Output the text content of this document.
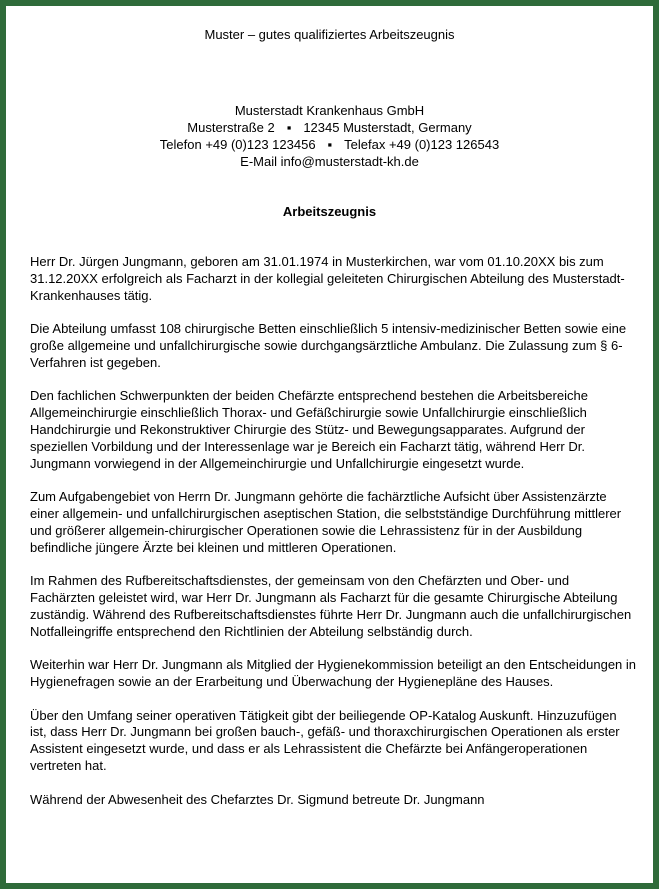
Muster – gutes qualifiziertes Arbeitszeugnis
Musterstadt Krankenhaus GmbH
Musterstraße 2 ▪ 12345 Musterstadt, Germany
Telefon +49 (0)123 123456 ▪ Telefax +49 (0)123 126543
E-Mail info@musterstadt-kh.de
Arbeitszeugnis

Herr Dr. Jürgen Jungmann, geboren am 31.01.1974 in Musterkirchen, war vom 01.10.20XX bis zum 31.12.20XX erfolgreich als Facharzt in der kollegial geleiteten Chirurgischen Abteilung des Musterstadt-Krankenhauses tätig.

Die Abteilung umfasst 108 chirurgische Betten einschließlich 5 intensiv-medizinischer Betten sowie eine große allgemeine und unfallchirurgische sowie durchgangsärztliche Ambulanz. Die Zulassung zum § 6-Verfahren ist gegeben.

Den fachlichen Schwerpunkten der beiden Chefärzte entsprechend bestehen die Arbeitsbereiche Allgemeinchirurgie einschließlich Thorax- und Gefäßchirurgie sowie Unfallchirurgie einschließlich Handchirurgie und Rekonstruktiver Chirurgie des Stütz- und Bewegungsapparates. Aufgrund der speziellen Vorbildung und der Interessenlage war je Bereich ein Facharzt tätig, während Herr Dr. Jungmann vorwiegend in der Allgemeinchirurgie und Unfallchirurgie eingesetzt wurde.

Zum Aufgabengebiet von Herrn Dr. Jungmann gehörte die fachärztliche Aufsicht über Assistenzärzte einer allgemein- und unfallchirurgischen aseptischen Station, die selbstständige Durchführung mittlerer und größerer allgemein-chirurgischer Operationen sowie die Lehrassistenz für in der Ausbildung befindliche jüngere Ärzte bei kleinen und mittleren Operationen.

Im Rahmen des Rufbereitschaftsdienstes, der gemeinsam von den Chefärzten und Ober- und Fachärzten geleistet wird, war Herr Dr. Jungmann als Facharzt für die gesamte Chirurgische Abteilung zuständig. Während des Rufbereitschaftsdienstes führte Herr Dr. Jungmann auch die unfallchirurgischen Notfalleingriffe entsprechend den Richtlinien der Abteilung selbständig durch.

Weiterhin war Herr Dr. Jungmann als Mitglied der Hygienekommission beteiligt an den Entscheidungen in Hygienefragen sowie an der Erarbeitung und Überwachung der Hygienepläne des Hauses.

Über den Umfang seiner operativen Tätigkeit gibt der beiliegende OP-Katalog Auskunft. Hinzuzufügen ist, dass Herr Dr. Jungmann bei großen bauch-, gefäß- und thoraxchirurgischen Operationen als erster Assistent eingesetzt wurde, und dass er als Lehrassistent die Chefärzte bei Anfängeroperationen vertreten hat.

Während der Abwesenheit des Chefarztes Dr. Sigmund betreute Dr. Jungmann
